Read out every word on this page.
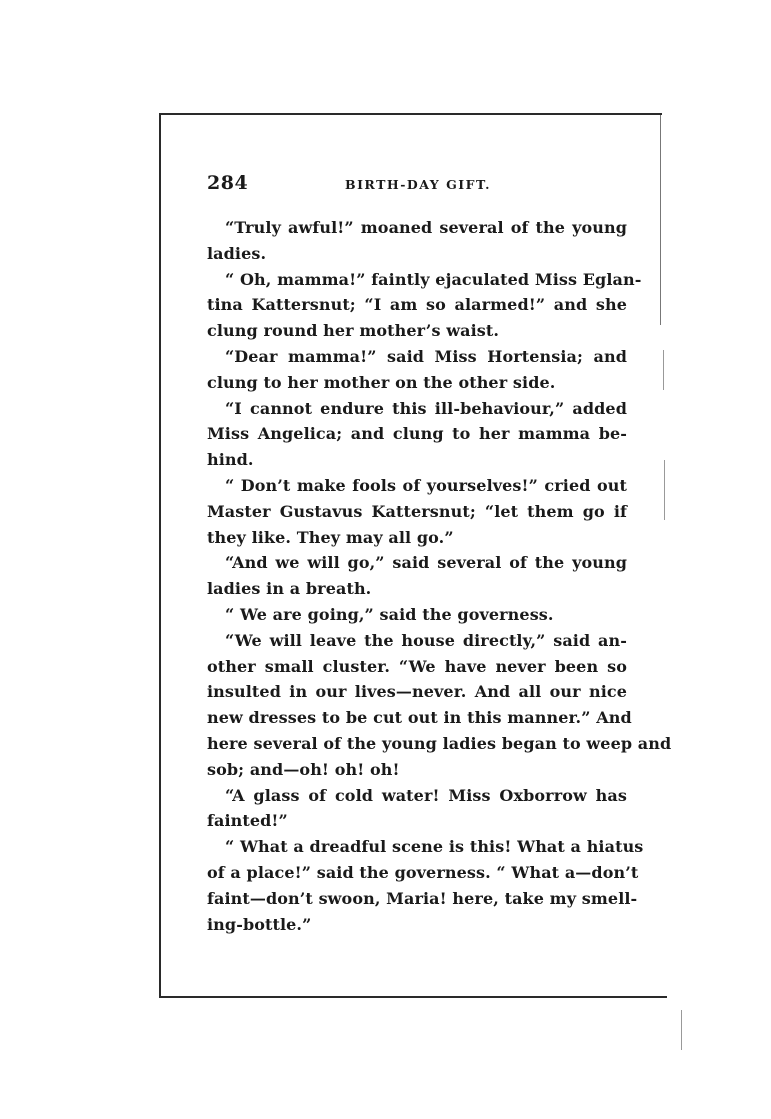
284	BIRTH-DAY GIFT.
“Truly awful!” moaned several of the young
ladies.
“ Oh, mamma!” faintly ejaculated Miss Eglan-
tina Kattersnut; “I am so alarmed!” and she
clung round her mother’s waist.
“Dear mamma!” said Miss Hortensia; and
clung to her mother on the other side.
“I cannot endure this ill-behaviour,” added
Miss Angelica; and clung to her mamma be-
hind.
“ Don’t make fools of yourselves!” cried out
Master Gustavus Kattersnut; “let them go if
they like. They may all go.”
“And we will go,” said several of the young
ladies in a breath.
“ We are going,” said the governess.
“We will leave the house directly,” said an-
other small cluster. “We have never been so
insulted in our lives—never. And all our nice
new dresses to be cut out in this manner.” And
here several of the young ladies began to weep and
sob; and—oh! oh! oh!
“A glass of cold water! Miss Oxborrow has
fainted!”
“ What a dreadful scene is this! What a hiatus
of a place!” said the governess. “ What a—don’t
faint—don’t swoon, Maria! here, take my smell-
ing-bottle.”
